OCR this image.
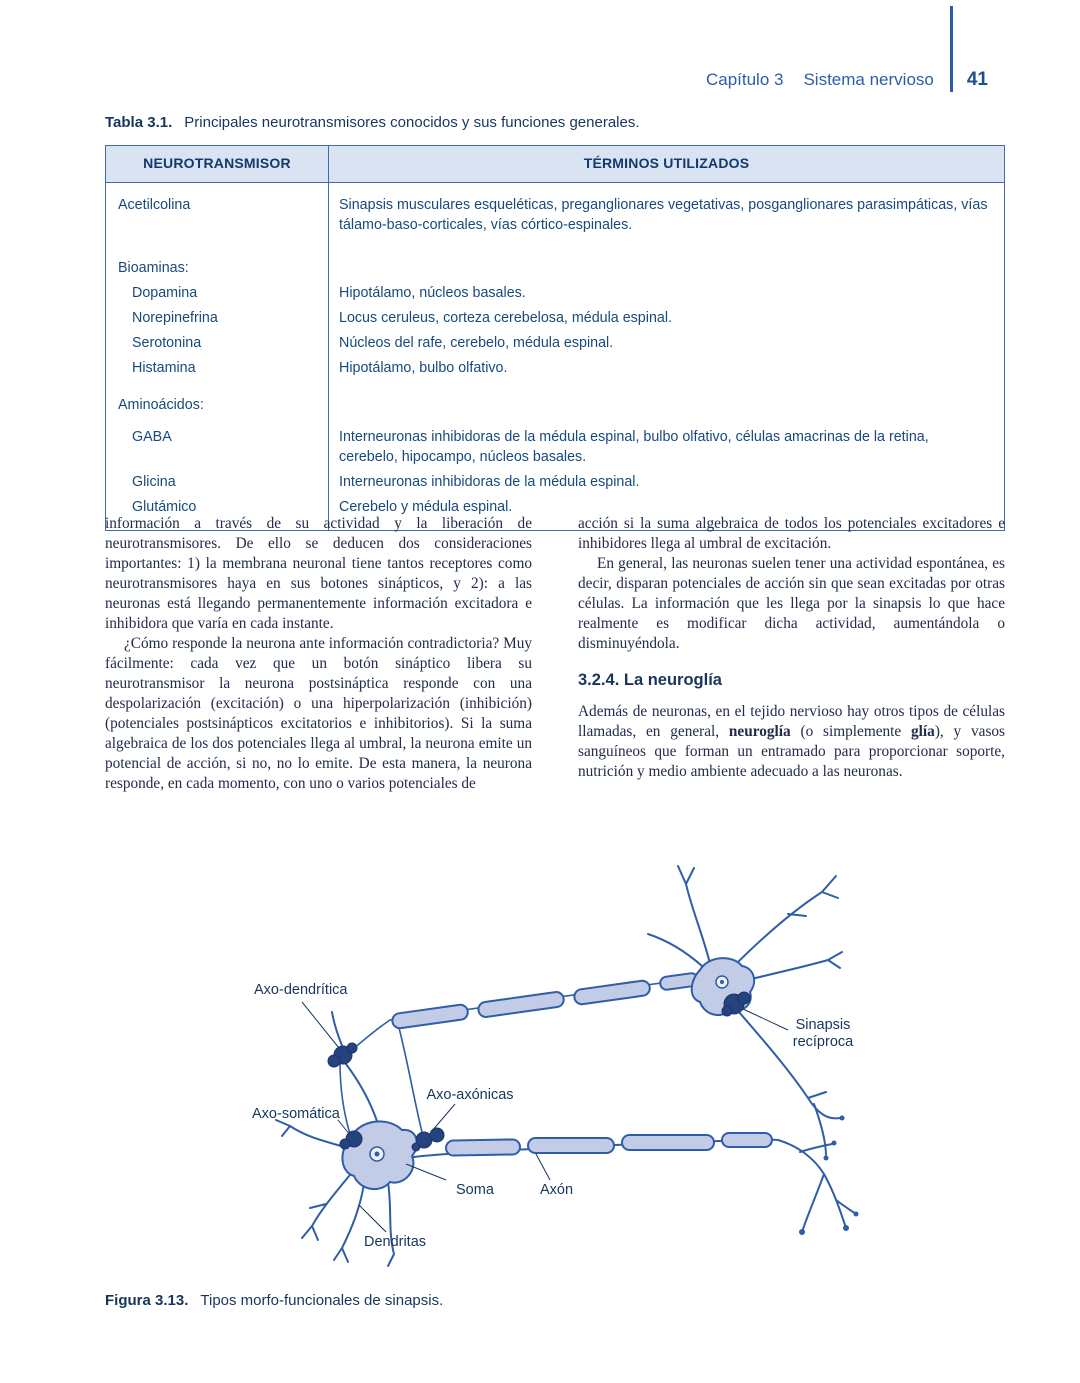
Capítulo 3 Sistema nervioso 41
Tabla 3.1. Principales neurotransmisores conocidos y sus funciones generales.
NEUROTRANSMISOR	TÉRMINOS UTILIZADOS
Acetilcolina	Sinapsis musculares esqueléticas, preganglionares vegetativas, posganglionares parasimpáticas, vías tálamo-baso-corticales, vías córtico-espinales.
Bioaminas:
Dopamina	Hipotálamo, núcleos basales.
Norepinefrina	Locus ceruleus, corteza cerebelosa, médula espinal.
Serotonina	Núcleos del rafe, cerebelo, médula espinal.
Histamina	Hipotálamo, bulbo olfativo.
Aminoácidos:
GABA	Interneuronas inhibidoras de la médula espinal, bulbo olfativo, células amacrinas de la retina, cerebelo, hipocampo, núcleos basales.
Glicina	Interneuronas inhibidoras de la médula espinal.
Glutámico	Cerebelo y médula espinal.

información a través de su actividad y la liberación de neurotransmisores. De ello se deducen dos consideraciones importantes: 1) la membrana neuronal tiene tantos receptores como neurotransmisores haya en sus botones sinápticos, y 2): a las neuronas está llegando permanentemente información excitadora e inhibidora que varía en cada instante.

¿Cómo responde la neurona ante información contradictoria? Muy fácilmente: cada vez que un botón sináptico libera su neurotransmisor la neurona postsináptica responde con una despolarización (excitación) o una hiperpolarización (inhibición) (potenciales postsinápticos excitatorios e inhibitorios). Si la suma algebraica de los dos potenciales llega al umbral, la neurona emite un potencial de acción, si no, no lo emite. De esta manera, la neurona responde, en cada momento, con uno o varios potenciales de

acción si la suma algebraica de todos los potenciales excitadores e inhibidores llega al umbral de excitación.

En general, las neuronas suelen tener una actividad espontánea, es decir, disparan potenciales de acción sin que sean excitadas por otras células. La información que les llega por la sinapsis lo que hace realmente es modificar dicha actividad, aumentándola o disminuyéndola.

3.2.4. La neuroglía

Además de neuronas, en el tejido nervioso hay otros tipos de células llamadas, en general, neuroglía (o simplemente glía), y vasos sanguíneos que forman un entramado para proporcionar soporte, nutrición y medio ambiente adecuado a las neuronas.

Axo-dendrítica
Sinapsis
recíproca
Axo-axónicas
Axo-somática
Soma	Axón
Dendritas
Figura 3.13. Tipos morfo-funcionales de sinapsis.
